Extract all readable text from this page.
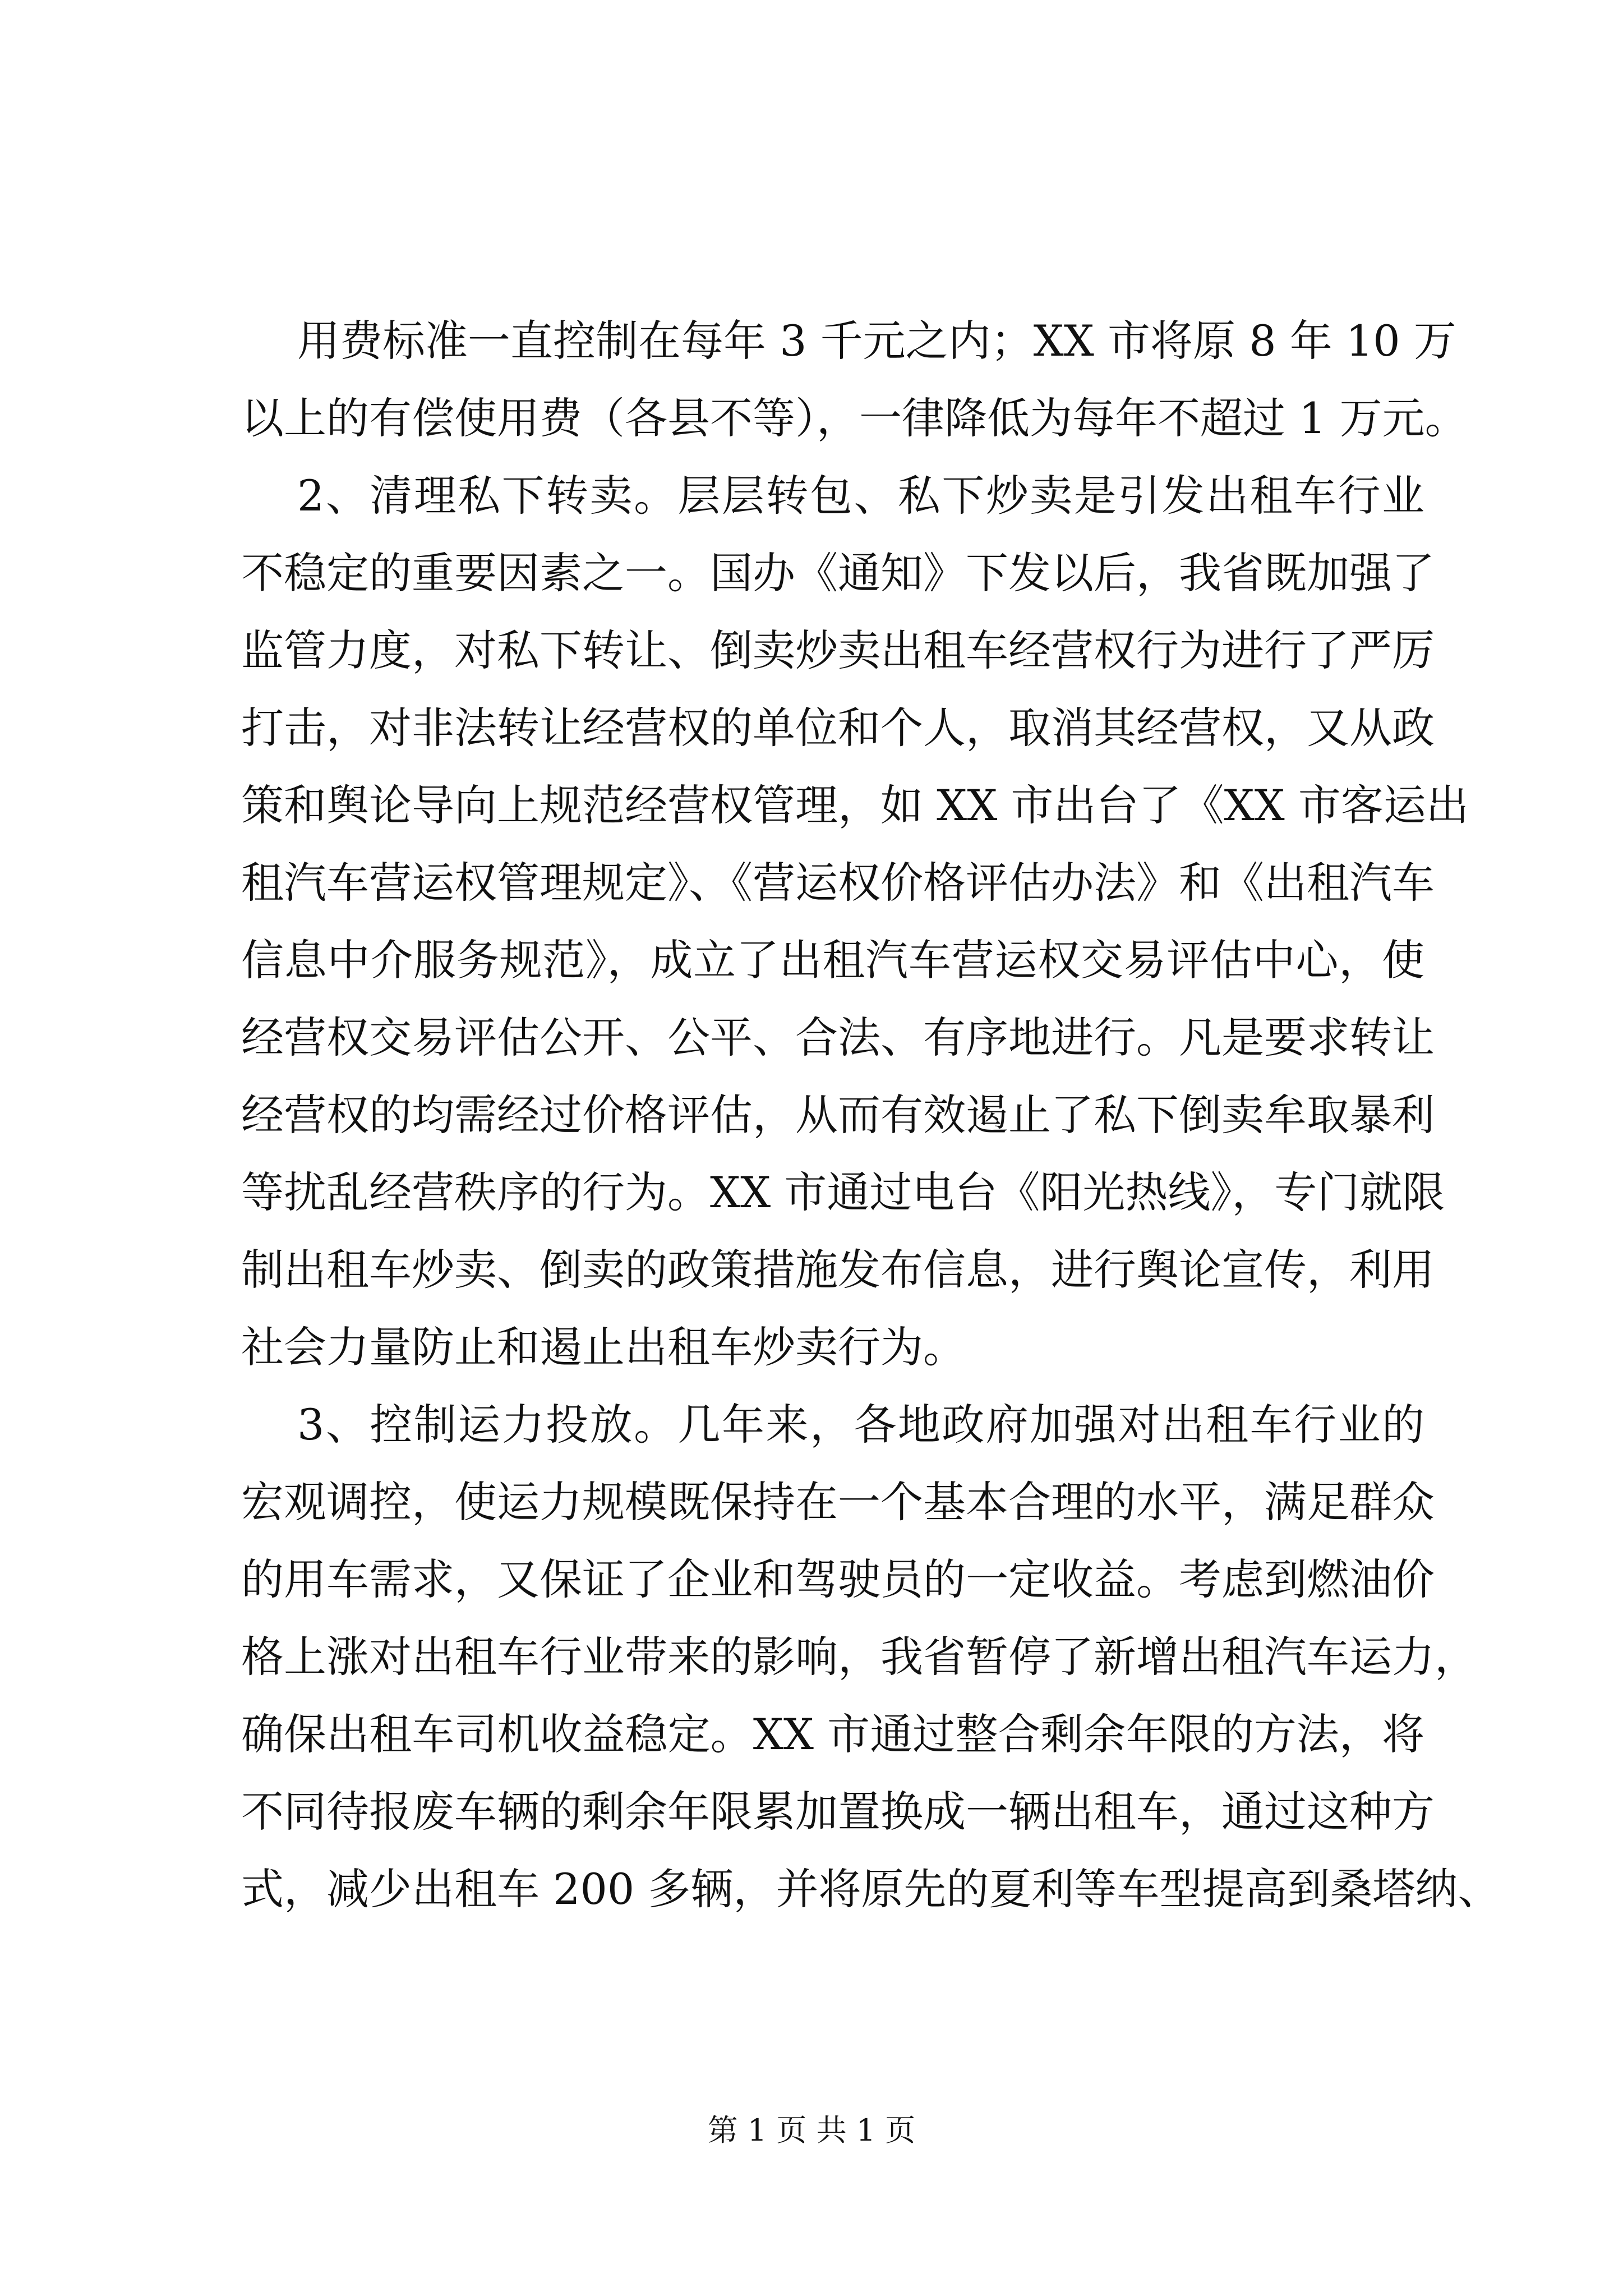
用费标准一直控制在每年 3 千元之内；XX 市将原 8 年 10 万
以上的有偿使用费（各县不等），一律降低为每年不超过 1 万元。
2、清理私下转卖。层层转包、私下炒卖是引发出租车行业
不稳定的重要因素之一。国办《通知》下发以后，我省既加强了
监管力度，对私下转让、倒卖炒卖出租车经营权行为进行了严厉
打击，对非法转让经营权的单位和个人，取消其经营权，又从政
策和舆论导向上规范经营权管理，如 XX 市出台了《XX 市客运出
租汽车营运权管理规定》、《营运权价格评估办法》和《出租汽车
信息中介服务规范》，成立了出租汽车营运权交易评估中心，使
经营权交易评估公开、公平、合法、有序地进行。凡是要求转让
经营权的均需经过价格评估，从而有效遏止了私下倒卖牟取暴利
等扰乱经营秩序的行为。XX 市通过电台《阳光热线》，专门就限
制出租车炒卖、倒卖的政策措施发布信息，进行舆论宣传，利用
社会力量防止和遏止出租车炒卖行为。
3、控制运力投放。几年来，各地政府加强对出租车行业的
宏观调控，使运力规模既保持在一个基本合理的水平，满足群众
的用车需求，又保证了企业和驾驶员的一定收益。考虑到燃油价
格上涨对出租车行业带来的影响，我省暂停了新增出租汽车运力，
确保出租车司机收益稳定。XX 市通过整合剩余年限的方法，将
不同待报废车辆的剩余年限累加置换成一辆出租车，通过这种方
式，减少出租车 200 多辆，并将原先的夏利等车型提高到桑塔纳、
第 1 页 共 1 页
